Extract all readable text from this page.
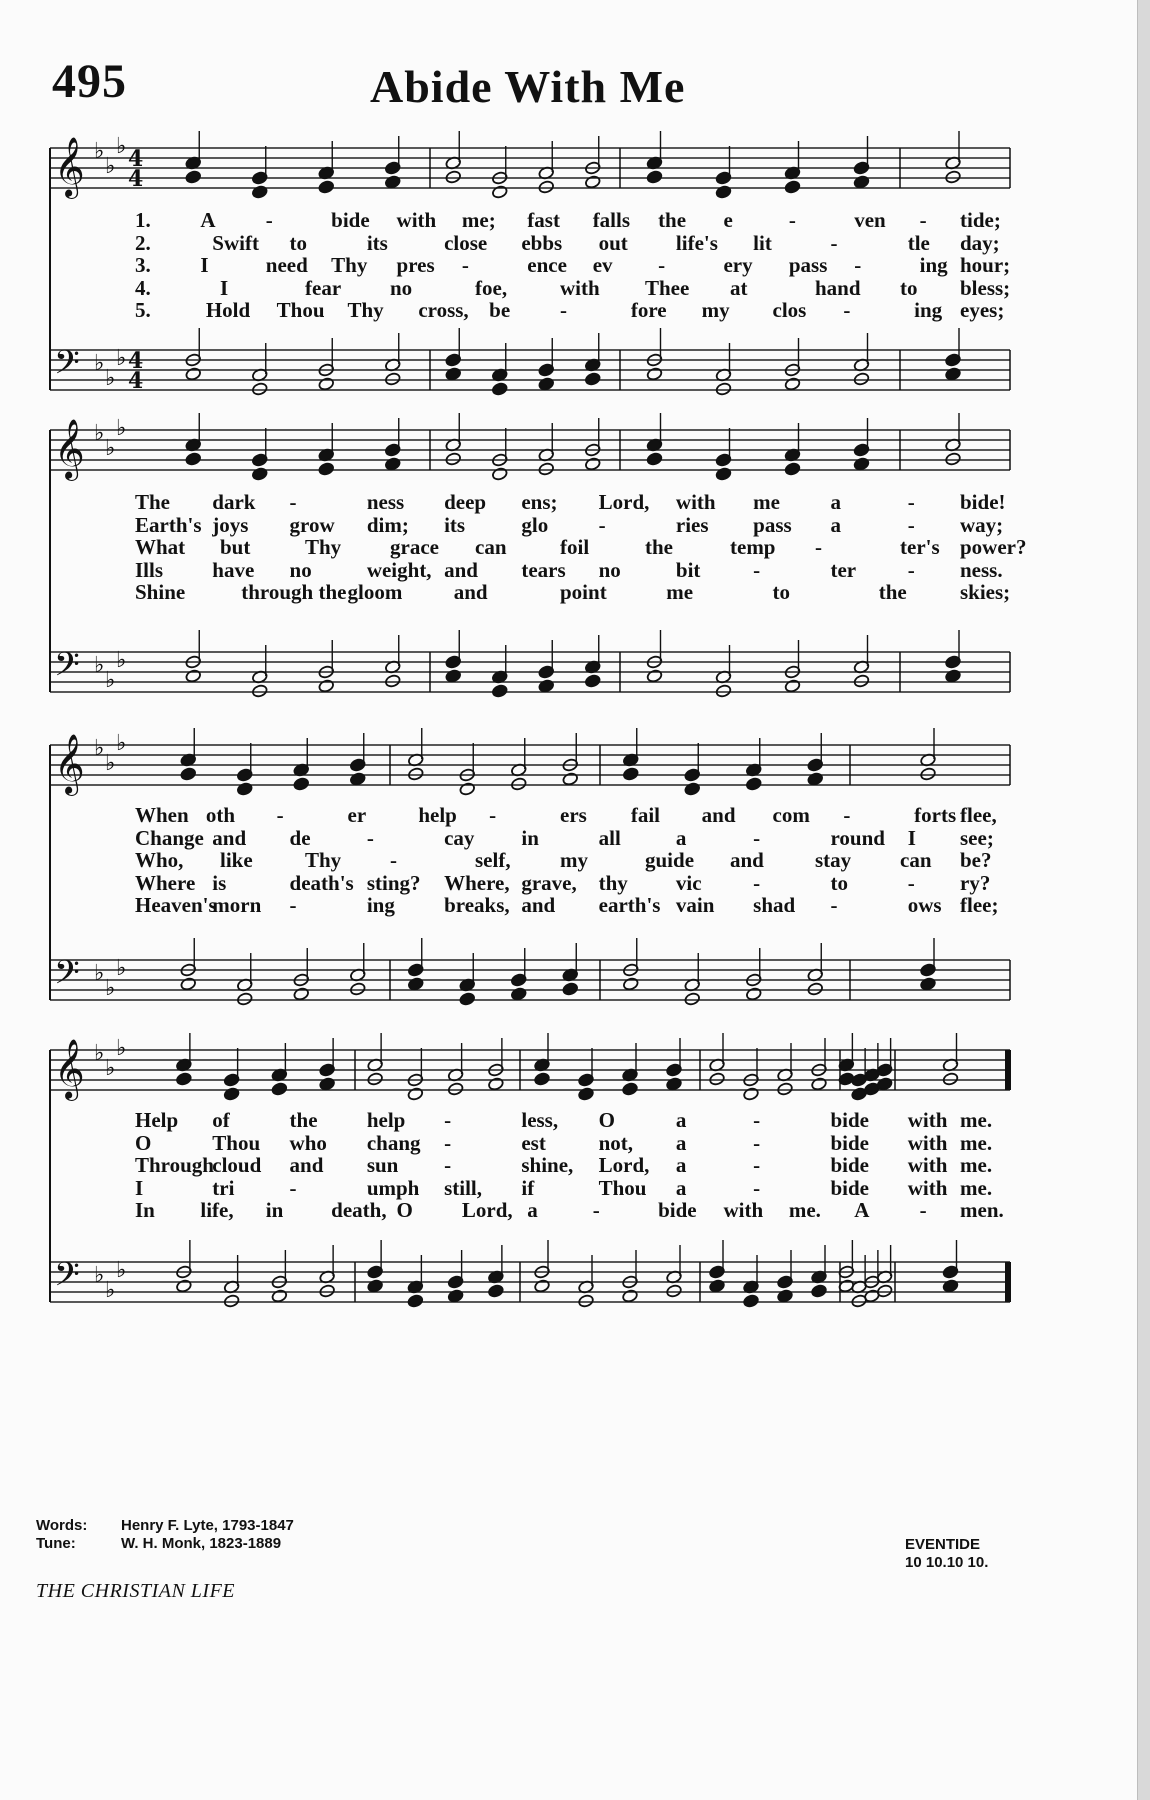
495	Abide With Me
𝄞 ♭
♭
♭
𝄢 ♭
♭
♭
4
4
4
4
𝄞 ♭
♭
♭
𝄢 ♭
♭
♭
𝄞 ♭
♭
♭
𝄢 ♭
♭
♭
𝄞 ♭
♭
♭
𝄢 ♭
♭
♭
1. A -	bide with me; fast falls the e	-	ven - tide;
2.	Swift to	its	close ebbs out life's lit	-	tle day;
3. I	need Thy pres -	ence ev -	ery pass -	ing hour;
4.	I	fear no	foe,	with Thee at	hand to bless;
5.	Hold Thou Thy cross, be -	fore my clos -	ing eyes;
The dark -	ness deep ens; Lord, with me a	- bide!
Earth's joys grow dim; its	glo -	ries pass a	- way;
What but	Thy grace can	foil	the	temp -	ter's power?
Ills have no	weight, and tears no	bit	-	ter - ness.
Shine	through the gloom and	point	me	to	the	skies;
When oth -	er help -	ers fail and com -	forts flee,
Change and de	-	cay in	all	a	-	round I see;
Who, like Thy -	self, my	guide and stay can be?
Where is	death's sting? Where, grave, thy vic -	to	- ry?
Heaven's
morn -	ing breaks, and earth's vain shad -	ows flee;
Help of	the help -	less, O	a	-	bide with me.
O	Thou who chang -	est	not, a	-	bide with me.
Through
cloud and sun -	shine, Lord, a	-	bide with me.
I	tri	-	umph still, if	Thou a	-	bide with me.
In life, in death, O Lord, a	-	bide with me. A - men.
Words: Henry F. Lyte, 1793-1847
Tune:	W. H. Monk, 1823-1889	EVENTIDE
10 10.10 10.
THE CHRISTIAN LIFE
